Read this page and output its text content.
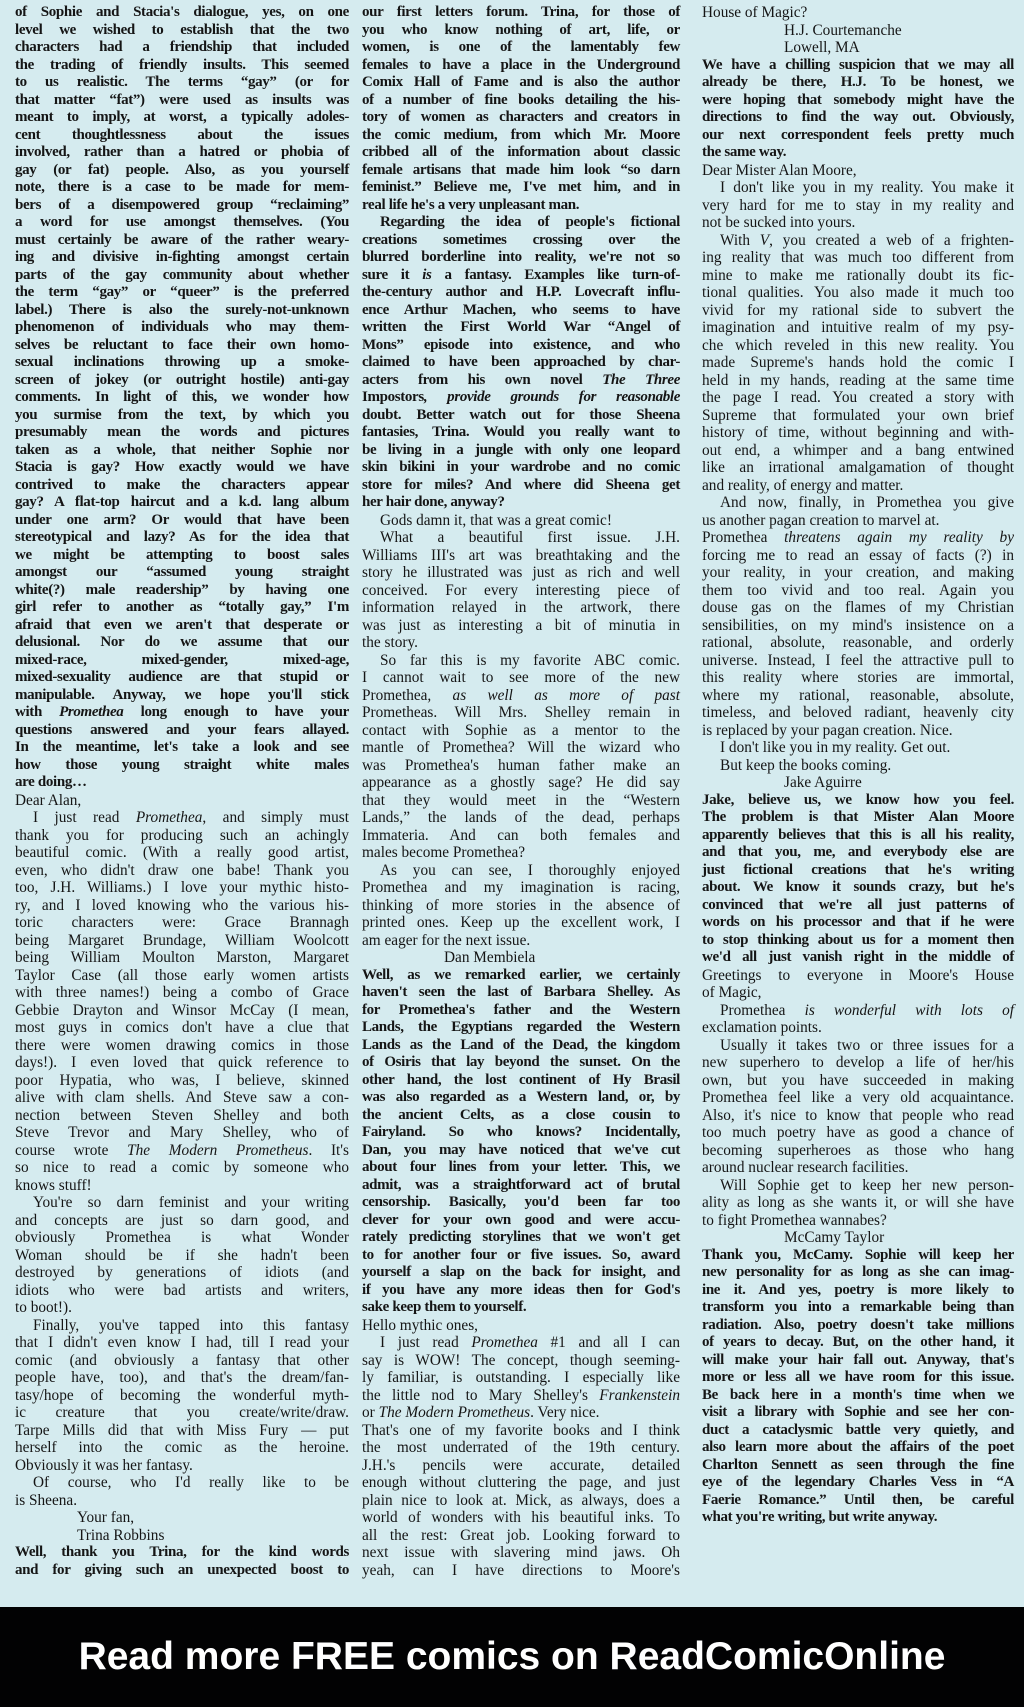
of Sophie and Stacia's dialogue, yes, on one
level we wished to establish that the two
characters had a friendship that included
the trading of friendly insults. This seemed
to us realistic. The terms “gay” (or for
that matter “fat”) were used as insults was
meant to imply, at worst, a typically adoles-
cent thoughtlessness about the issues
involved, rather than a hatred or phobia of
gay (or fat) people. Also, as you yourself
note, there is a case to be made for mem-
bers of a disempowered group “reclaiming”
a word for use amongst themselves. (You
must certainly be aware of the rather weary-
ing and divisive in-fighting amongst certain
parts of the gay community about whether
the term “gay” or “queer” is the preferred
label.) There is also the surely-not-unknown
phenomenon of individuals who may them-
selves be reluctant to face their own homo-
sexual inclinations throwing up a smoke-
screen of jokey (or outright hostile) anti-gay
comments. In light of this, we wonder how
you surmise from the text, by which you
presumably mean the words and pictures
taken as a whole, that neither Sophie nor
Stacia is gay? How exactly would we have
contrived to make the characters appear
gay? A flat-top haircut and a k.d. lang album
under one arm? Or would that have been
stereotypical and lazy? As for the idea that
we might be attempting to boost sales
amongst our “assumed young straight
white(?) male readership” by having one
girl refer to another as “totally gay,” I'm
afraid that even we aren't that desperate or
delusional. Nor do we assume that our
mixed-race, mixed-gender, mixed-age,
mixed-sexuality audience are that stupid or
manipulable. Anyway, we hope you'll stick
with Promethea long enough to have your
questions answered and your fears allayed.
In the meantime, let's take a look and see
how those young straight white males
are doing…
Dear Alan,
I just read Promethea, and simply must
thank you for producing such an achingly
beautiful comic. (With a really good artist,
even, who didn't draw one babe! Thank you
too, J.H. Williams.) I love your mythic histo-
ry, and I loved knowing who the various his-
toric characters were: Grace Brannagh
being Margaret Brundage, William Woolcott
being William Moulton Marston, Margaret
Taylor Case (all those early women artists
with three names!) being a combo of Grace
Gebbie Drayton and Winsor McCay (I mean,
most guys in comics don't have a clue that
there were women drawing comics in those
days!). I even loved that quick reference to
poor Hypatia, who was, I believe, skinned
alive with clam shells. And Steve saw a con-
nection between Steven Shelley and both
Steve Trevor and Mary Shelley, who of
course wrote The Modern Prometheus. It's
so nice to read a comic by someone who
knows stuff!
You're so darn feminist and your writing
and concepts are just so darn good, and
obviously Promethea is what Wonder
Woman should be if she hadn't been
destroyed by generations of idiots (and
idiots who were bad artists and writers,
to boot!).
Finally, you've tapped into this fantasy
that I didn't even know I had, till I read your
comic (and obviously a fantasy that other
people have, too), and that's the dream/fan-
tasy/hope of becoming the wonderful myth-
ic creature that you create/write/draw.
Tarpe Mills did that with Miss Fury — put
herself into the comic as the heroine.
Obviously it was her fantasy.
Of course, who I'd really like to be
is Sheena.
Your fan,
Trina Robbins
Well, thank you Trina, for the kind words
and for giving such an unexpected boost to
our first letters forum. Trina, for those of
you who know nothing of art, life, or
women, is one of the lamentably few
females to have a place in the Underground
Comix Hall of Fame and is also the author
of a number of fine books detailing the his-
tory of women as characters and creators in
the comic medium, from which Mr. Moore
cribbed all of the information about classic
female artisans that made him look “so darn
feminist.” Believe me, I've met him, and in
real life he's a very unpleasant man.
Regarding the idea of people's fictional
creations sometimes crossing over the
blurred borderline into reality, we're not so
sure it is a fantasy. Examples like turn-of-
the-century author and H.P. Lovecraft influ-
ence Arthur Machen, who seems to have
written the First World War “Angel of
Mons” episode into existence, and who
claimed to have been approached by char-
acters from his own novel The Three
Impostors, provide grounds for reasonable
doubt. Better watch out for those Sheena
fantasies, Trina. Would you really want to
be living in a jungle with only one leopard
skin bikini in your wardrobe and no comic
store for miles? And where did Sheena get
her hair done, anyway?
Gods damn it, that was a great comic!
What a beautiful first issue. J.H.
Williams III's art was breathtaking and the
story he illustrated was just as rich and well
conceived. For every interesting piece of
information relayed in the artwork, there
was just as interesting a bit of minutia in
the story.
So far this is my favorite ABC comic.
I cannot wait to see more of the new
Promethea, as well as more of past
Prometheas. Will Mrs. Shelley remain in
contact with Sophie as a mentor to the
mantle of Promethea? Will the wizard who
was Promethea's human father make an
appearance as a ghostly sage? He did say
that they would meet in the “Western
Lands,” the lands of the dead, perhaps
Immateria. And can both females and
males become Promethea?
As you can see, I thoroughly enjoyed
Promethea and my imagination is racing,
thinking of more stories in the absence of
printed ones. Keep up the excellent work, I
am eager for the next issue.
Dan Membiela
Well, as we remarked earlier, we certainly
haven't seen the last of Barbara Shelley. As
for Promethea's father and the Western
Lands, the Egyptians regarded the Western
Lands as the Land of the Dead, the kingdom
of Osiris that lay beyond the sunset. On the
other hand, the lost continent of Hy Brasil
was also regarded as a Western land, or, by
the ancient Celts, as a close cousin to
Fairyland. So who knows? Incidentally,
Dan, you may have noticed that we've cut
about four lines from your letter. This, we
admit, was a straightforward act of brutal
censorship. Basically, you'd been far too
clever for your own good and were accu-
rately predicting storylines that we won't get
to for another four or five issues. So, award
yourself a slap on the back for insight, and
if you have any more ideas then for God's
sake keep them to yourself.
Hello mythic ones,
I just read Promethea #1 and all I can
say is WOW! The concept, though seeming-
ly familiar, is outstanding. I especially like
the little nod to Mary Shelley's Frankenstein
or The Modern Prometheus. Very nice.
That's one of my favorite books and I think
the most underrated of the 19th century.
J.H.'s pencils were accurate, detailed
enough without cluttering the page, and just
plain nice to look at. Mick, as always, does a
world of wonders with his beautiful inks. To
all the rest: Great job. Looking forward to
next issue with slavering mind jaws. Oh
yeah, can I have directions to Moore's
House of Magic?
H.J. Courtemanche
Lowell, MA
We have a chilling suspicion that we may all
already be there, H.J. To be honest, we
were hoping that somebody might have the
directions to find the way out. Obviously,
our next correspondent feels pretty much
the same way.
Dear Mister Alan Moore,
I don't like you in my reality. You make it
very hard for me to stay in my reality and
not be sucked into yours.
With V, you created a web of a frighten-
ing reality that was much too different from
mine to make me rationally doubt its fic-
tional qualities. You also made it much too
vivid for my rational side to subvert the
imagination and intuitive realm of my psy-
che which reveled in this new reality. You
made Supreme's hands hold the comic I
held in my hands, reading at the same time
the page I read. You created a story with
Supreme that formulated your own brief
history of time, without beginning and with-
out end, a whimper and a bang entwined
like an irrational amalgamation of thought
and reality, of energy and matter.
And now, finally, in Promethea you give
us another pagan creation to marvel at.
Promethea threatens again my reality by
forcing me to read an essay of facts (?) in
your reality, in your creation, and making
them too vivid and too real. Again you
douse gas on the flames of my Christian
sensibilities, on my mind's insistence on a
rational, absolute, reasonable, and orderly
universe. Instead, I feel the attractive pull to
this reality where stories are immortal,
where my rational, reasonable, absolute,
timeless, and beloved radiant, heavenly city
is replaced by your pagan creation. Nice.
I don't like you in my reality. Get out.
But keep the books coming.
Jake Aguirre
Jake, believe us, we know how you feel.
The problem is that Mister Alan Moore
apparently believes that this is all his reality,
and that you, me, and everybody else are
just fictional creations that he's writing
about. We know it sounds crazy, but he's
convinced that we're all just patterns of
words on his processor and that if he were
to stop thinking about us for a moment then
we'd all just vanish right in the middle of
Greetings to everyone in Moore's House
of Magic,
Promethea is wonderful with lots of
exclamation points.
Usually it takes two or three issues for a
new superhero to develop a life of her/his
own, but you have succeeded in making
Promethea feel like a very old acquaintance.
Also, it's nice to know that people who read
too much poetry have as good a chance of
becoming superheroes as those who hang
around nuclear research facilities.
Will Sophie get to keep her new person-
ality as long as she wants it, or will she have
to fight Promethea wannabes?
McCamy Taylor
Thank you, McCamy. Sophie will keep her
new personality for as long as she can imag-
ine it. And yes, poetry is more likely to
transform you into a remarkable being than
radiation. Also, poetry doesn't take millions
of years to decay. But, on the other hand, it
will make your hair fall out. Anyway, that's
more or less all we have room for this issue.
Be back here in a month's time when we
visit a library with Sophie and see her con-
duct a cataclysmic battle very quietly, and
also learn more about the affairs of the poet
Charlton Sennett as seen through the fine
eye of the legendary Charles Vess in “A
Faerie Romance.” Until then, be careful
what you're writing, but write anyway.
Read more FREE comics on ReadComicOnline
